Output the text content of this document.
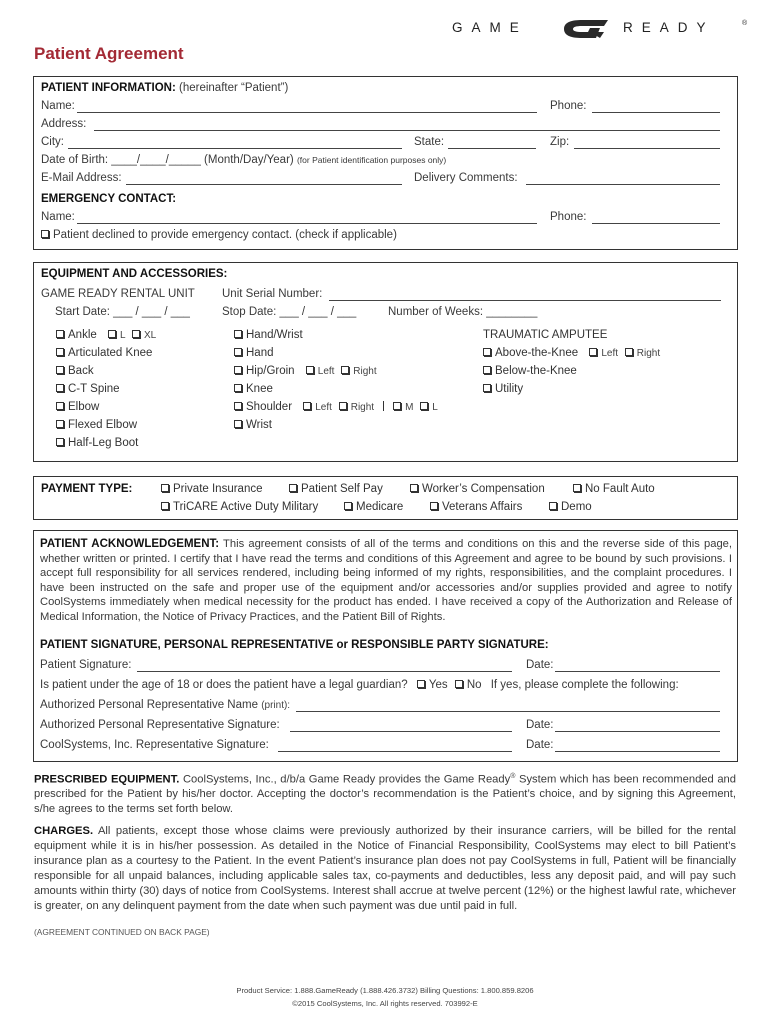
GAME	READY	®
Patient Agreement
PATIENT INFORMATION: (hereinafter “Patient”)
Name:	Phone:
Address:
City:	State:	Zip:
Date of Birth: ____/____/_____ (Month/Day/Year) (for Patient identification purposes only)
E-Mail Address:	Delivery Comments:
EMERGENCY CONTACT:
Name:	Phone:
Patient declined to provide emergency contact. (check if applicable)
EQUIPMENT AND ACCESSORIES:
GAME READY RENTAL UNIT Unit Serial Number:
Start Date: ___ / ___ / ___	Stop Date: ___ / ___ / ___	Number of Weeks: ________
Ankle L XL
Articulated Knee
Back
C-T Spine
Elbow
Flexed Elbow
Half-Leg Boot
Hand/Wrist
Hand
Hip/Groin Left Right
Knee
Shoulder Left Right	M L
Wrist
TRAUMATIC AMPUTEE
Above-the-Knee Left Right
Below-the-Knee
Utility
PAYMENT TYPE:	Private Insurance	Patient Self Pay	Worker’s Compensation	No Fault Auto
TriCARE Active Duty Military	Medicare	Veterans Affairs	Demo
PATIENT ACKNOWLEDGEMENT: This agreement consists of all of the terms and conditions on this and the reverse side of this page, whether written or printed. I certify that I have read the terms and conditions of this Agreement and agree to be bound by such provisions. I accept full responsibility for all services rendered, including being informed of my rights, responsibilities, and the complaint procedures. I have been instructed on the safe and proper use of the equipment and/or accessories and/or supplies provided and agree to notify CoolSystems immediately when medical necessity for the product has ended. I have received a copy of the Authorization and Release of Medical Information, the Notice of Privacy Practices, and the Patient Bill of Rights.
PATIENT SIGNATURE, PERSONAL REPRESENTATIVE or RESPONSIBLE PARTY SIGNATURE:
Patient Signature:	Date:
Is patient under the age of 18 or does the patient have a legal guardian? Yes No If yes, please complete the following:
Authorized Personal Representative Name (print):
Authorized Personal Representative Signature:	Date:
CoolSystems, Inc. Representative Signature:	Date:
PRESCRIBED EQUIPMENT. CoolSystems, Inc., d/b/a Game Ready provides the Game Ready® System which has been recommended and prescribed for the Patient by his/her doctor. Accepting the doctor’s recommendation is the Patient’s choice, and by signing this Agreement, s/he agrees to the terms set forth below.
CHARGES. All patients, except those whose claims were previously authorized by their insurance carriers, will be billed for the rental equipment while it is in his/her possession. As detailed in the Notice of Financial Responsibility, CoolSystems may elect to bill Patient’s insurance plan as a courtesy to the Patient. In the event Patient’s insurance plan does not pay CoolSystems in full, Patient will be financially responsible for all unpaid balances, including applicable sales tax, co-payments and deductibles, less any deposit paid, and will pay such amounts within thirty (30) days of notice from CoolSystems. Interest shall accrue at twelve percent (12%) or the highest lawful rate, whichever is greater, on any delinquent payment from the date when such payment was due until paid in full.
(AGREEMENT CONTINUED ON BACK PAGE)
Product Service: 1.888.GameReady (1.888.426.3732) Billing Questions: 1.800.859.8206
©2015 CoolSystems, Inc. All rights reserved. 703992-E
